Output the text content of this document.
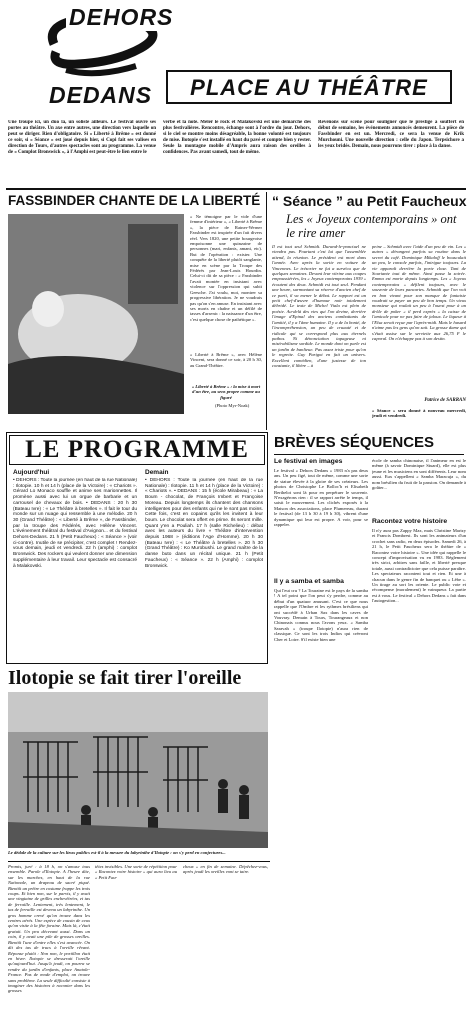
DEHORS
DEDANS	PLACE AU THÉÂTRE
Une troupe ici, un duo là, un soliste ailleurs. Le festival ouvre ses portes au théâtre. Un axe entre autres, une direction vers laquelle on peut se diriger. Rien d'obligatoire. Si « Liberté à Brême » est donné ce soir, si « Séance » est joué depuis hier, si Copi fait ses valises en direction de Tours, d'autres spectacles sont au programme. La venue de « Complot Bronswick », à l'Amphi est peut-être le lien entre le
verbe et la note. Mêler le rock et Malakovski est une démarche des plus festivalières. Rencontre, échange sont à l'ordre du jour. Dehors, si le ciel se montre moins désagréable, la bonne volonté est toujours de mise. Botopie s'est installé en haut du pavé et compte bien y rester. Seule la montagne mobile d'Ampris aura raison des oreilles à confidences. Pas avant samedi, tout de même.
Revenons sur scène pour souligner que le prestige a souffert en début de semaine, les événements annoncés demeurent. La pièce de Fassbinder en est un. Mercredi, ce sera la venue de Krik Murchouni. Une nouvelle direction : celle du Japon. Terpsichore a les yeux bridés. Demain, nous pourrons tirer : place à la danse.
FASSBINDER CHANTE DE LA LIBERTÉ
« Ne témoigne par le vide d'une femme d'intérieur », « Liberté à Brême », la pièce de Rainer-Werner Fassbinder est inspirée d'un fait divers réel. Vers 1820, une petite bourgeoise empoisonne une quinzaine de personnes (mari, enfants, amant, etc). But de l'opération : exister. Une conquête de la liberté plutôt sanglante, mise en scène par la Troupe des Fédérés par Jean-Louis Hourdin. Celui-ci dit de sa pièce : « Fassbinder l'avait montée en insistant avec violence sur l'oppression qui subit Geesche. J'ai voulu, moi, montrer sa progressive libération. Je ne voudrais pas qu'on s'en amuse. En insistant avec ses morts en chaîne et un défilé de tasses d'arsenic : la naissance d'un être, c'est quelque chose de pathétique ».
« Liberté à Brême », avec Hélène Vincent, sera donné ce soir, à 20 h 30, au Grand-Théâtre.
« Liberté à Brême » : la mise à mort d'un être, au sens propre comme au figuré
(Photo Myr-Noak)
“ Séance ” au Petit Faucheux
Les « Joyeux contemporains » ont le rire amer
Il est tout seul Schmidt. Durand-le-ponctuel ne viendra pas. Pourtant c'est lui que l'assemblée attend, la réunion. Le président est mort dans l'année. Avec après la sortie en voiture de Vincennes. Le trésorier ne fut a survécu que de quelques semaines. Devant leur vitrine aux coupes empoussiérées, les « Joyeux contemporains 1939 » écoutent des deux. Schmidt est tout seul. Pendant une heure, surmontant sa réserve d'ancien chef de ce parti, il va mener le débat. Le rapport est un petit chef-d'œuvre d'humour noir totalement débridé. Le texte de Michel Viala est plein de poésie. Au-delà des vies qui l'on devine, derrière l'image d'Epinal des anciens combattants de l'amitié, il y a l'âme humaine. Il y a de la bonté, de l'incompréhension, un peu de cruauté et de ridicule qui se correspond plus aux éternels pathos. Ni dénonciation tapageuse ni misérabilisme sordide. Le monde dont on parle est un jardin de banlieue. Pas assez triste pour qu'on le regrette. Guy Parigot en fait un univers. Excellent comédien, d'une justesse de ton constante, il libère – à
peine – Schmidt avec l'aide d'un peu de vin. Les « autres » dérangent parfois sa routine dans le secret du café. Dominique Mikaloff le bousculait un peu, le console parfois, l'intrigue toujours. La vie apparaît derrière la porte close. Tant de Souriante tout de même. Ainsi passe la soirée. Emma est morte depuis longtemps. Les « Joyeux contemporains » défilent toujours, avec le souvenir de leurs pancartes. Schmidt que l'on voit en bon vivant pour son manque de fantaisie voudrait se payer un peu de bon temps. Un vieux monsieur qui roulait un peu à l'ouest pour à un drôle de poker « il perd exprès » la caisse de l'amicale pour ne pas faire de jaloux. Le liqueur à l'Elsa serait reçue par l'après-midi. Mais le hasard n'aime pas les gens qu'on sait. La grosse dame qui s'était assise sur le serviette aux 26,75 F le caporal. On n'échappe pas à son destin.
Patrice de SARRAN
« Séance » sera donné à nouveau mercredi, jeudi et vendredi.
LE PROGRAMME
Aujourd'hui
• DEHORS : Toute la journée (en haut de la rue Nationale) : Ilotopie. 10 h et 14 h (place de la Victoire) : « Chariots ». Gérard Lo Monaco souffle et anime ses marionnettes. Il promène aussi avec lui un orgue de barbarie et un carrousel de chevaux de bois. • DEDANS : 20 h 30 (Bateau Ivre) : « Le Théâtre à bretelles ». Il fait le tour du monde sur un nuage qui ressemble à une mélodie. 20 h 30 (Grand Théâtre) : « Liberté à Brême », de Fassbinder, par la troupe des Fédérés, avec Hélène Vincent. L'événement théâtral du festival d'Avignon... et du festival Dehors-Dedans. 21 h (Petit Faucheux) : « Séance » (voir ci-contre). Inutile de se précipiter, c'est complet ! Rendez-vous demain, jeudi et vendredi. 22 h (amphi) : complot Bronswick. Des rockers qui veulent donner une dimension supplémentaire à leur travail. Leur spectacle est consacré à Malakovski.
Demain
• DEHORS : Toute la journée (en haut de la rue Nationale) : Ilotopie. 11 h et 14 h (place de la Victoire) : « Chariots ». • DEDANS : 15 h (école Mirabeau) : « La Boum - chocolat, de François Imbert et Françoise Moreau. Depuis longtemps ils chantent des chansons intelligentes pour des enfants qui ne le sont pas moins. Cette fois, c'est en copains qu'ils les invitent à leur boum. Le chocolat sera offert en prime. Ils seront mille. Quant y'en a Pouliah. 17 h (salle Richelieu) : débat avec les auteurs du livre « Théâtre d'intervention depuis 1968 » (éditions l'Age d'Homme). 20 h 30 (Bateau Ivre) : « Le Théâtre à bretelles ». 20 h 30 (Grand Théâtre) : Ko Murobushi. Le grand maître de la danse buto dans un récital unique. 21 h (Petit Faucheux) : « Séance ». 22 h (Amphi) : complot Bronswick.
BRÈVES SÉQUENCES
Le festival en images
Le festival « Dehors Dedans » 1983 n'a pas deux ans. Un peu figé, tout de même, comme une sorte de statue élevée à la gloire de ses créateurs. Les photos de Christophe Le Bolloc'h et Elisabeth Berthelot sont là pour en perpétuer le souvenir. N'exagérons rien : il se rapport arrête le temps, il saisit le mouvement. Les clichés exposés à la Maison des associations, place Plumereau, durant le festival (de 13 h 30 à 19 h 30), vibrent d'une dynamique qui leur est propre. A voir, pour se rappeler.
Il y a samba et samba
Qui l'eut cru ? La Touraine est le pays de la samba ! A tel point que l'on peut s'y perdre, comme au début d'un quatuor amusant. C'est ce que nous rappelle que l'Ombre et les rythmes brésiliens qui ont succédé à Urban Sax dans les caves de Vouvray. Demain à Tours, Tourangeaux et non Chinonais connus nous l'avons yeux. « Samba Saravah » (troupe Ilotopie) n'aura rien de classique. Ce sont les trois Indios qui créeront Cher et Loire. S'il existe bien une
école de samba chinonaise, il l'animeur en est le même (à savoir Dominique Stuard), elle est plus jeune et les musiciens en sont différents. Leur nom aussi. Eux s'appellent « Samba Maracuja », du nom brésilien du fruit de la passion. On demande à goûter...
Racontez votre histoire
Il n'y aura pas Zappy Max, mais Christine Marizy et Francis Dombrest. Ils sont les animateurs d'un crochet sans radio, en deux épisodes. Samedi 26, à 21 h, le Petit Faucheux sera le théâtre de « Racontez votre histoire ». Une idée qui rappelle le concept d'improvisation vu en 1983. Réglement très strict, arbitres sans faille, et liberté presque totale, aussi contradictoire que cela puisse paraître. Les spectateurs racontent tout et rien. Et une à chacun dans le genre fin de banquet ou « Lèbe ». Un tirage au sort les oriente. Le public vote et récompense (moralement) le vainqueur. La partie est à vous. Le festival « Dehors Dedans » fait dans l'autogestion...
Ilotopie se fait tirer l'oreille
Le dédale de la culture sur les lieux publics est-il à la mesure du labyrinthe d'Ilotopie : on s'y perd en conjectures...
Promis, juré : à 18 h, on s'amuse tous ensemble. Parole d'Ilotopie. A l'heure dite, sur les marches, en haut de la rue Nationale, un drapeau de sacré piqué. Bientôt un prêtre en costume frappe les trois coups. Et bien non, sur le parvis, il y avait une vingtaine de grilles enchevêtrées, et tas de ferraille. Lentement, très lentement, le tas de ferraille est devenu un labyrinthe. Un gros homme crevé qu'on trouve dans les centres aérés. Une espèce de cousin de ceux qu'on visite à la fête foraine. Mais là, c'était gratuit. Un peu décevant aussi. Dans un coin, il y avait une pile de grosses oreilles. Bientôt l'une d'entre elles s'est avancée. On dit des tas de trucs à l'oreille rêvant. Réponse plutôt : Non non, le portillon était en hiver. Ilotopie se dresserait l'oreille qu'aujourd'hui. Jusqu'à jeudi, on pourra se rendre du jardin d'enfants, place Anatole-France. Pas de mode d'emploi, on trouve sans problème. La seule difficulté consiste à imaginer des histoires à raconter dans les grosses
têtes invisibles. Une sorte de répétition pour « Racontez votre histoire » qui aura lieu au « Petit Fau-
cheux » en fin de semaine. Dépêchez-vous, après jeudi les oreilles vont se taire.
